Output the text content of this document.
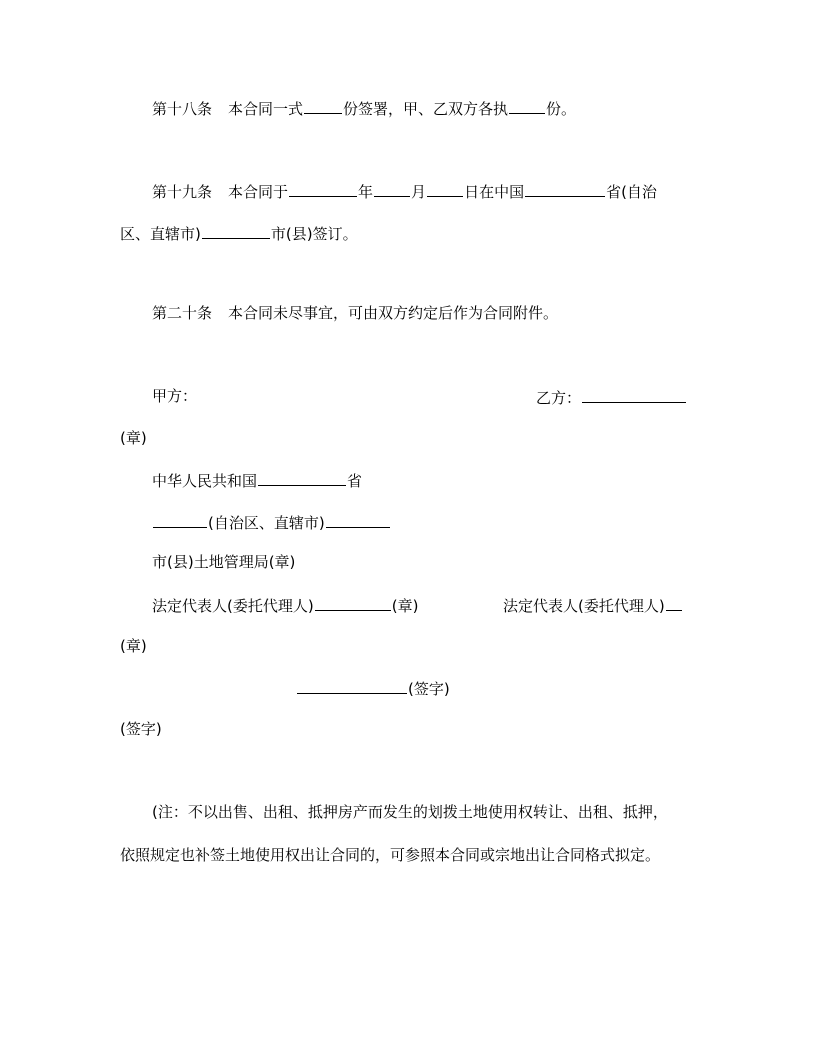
第十八条 本合同一式	份签署，甲、乙双方各执	份。
第十九条 本合同于	年	月	日在中国	省(自治
区、直辖市)	市(县)签订。
第二十条 本合同未尽事宜，可由双方约定后作为合同附件。
甲方：	乙方：
(章)
中华人民共和国	省
(自治区、直辖市)
市(县)土地管理局(章)
法定代表人(委托代理人)	(章)	法定代表人(委托代理人)
(章)
(签字)
(签字)
(注：不以出售、出租、抵押房产而发生的划拨土地使用权转让、出租、抵押，
依照规定也补签土地使用权出让合同的，可参照本合同或宗地出让合同格式拟定。
